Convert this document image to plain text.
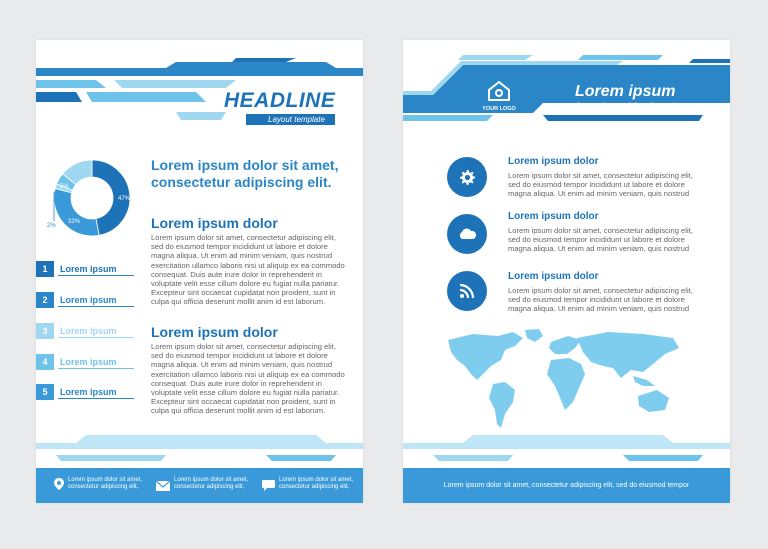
HEADLINE
Layout template
14%
5%
47%
32%
2%
Lorem ipsum dolor sit amet, consectetur adipiscing elit.
Lorem ipsum dolor
Lorem ipsum dolor sit amet, consectetur adipiscing elit,
sed do eiusmod tempor incididunt ut labore et dolore
magna aliqua. Ut enim ad minim veniam, quis nostrud
exercitation ullamco laboris nisi ut aliquip ex ea commodo
consequat. Duis aute irure dolor in reprehenderit in
voluptate velit esse cillum dolore eu fugiat nulla pariatur.
Excepteur sint occaecat cupidatat non proident, sunt in
culpa qui officia deserunt mollit anim id est laborum.
Lorem ipsum dolor
Lorem ipsum dolor sit amet, consectetur adipiscing elit,
sed do eiusmod tempor incididunt ut labore et dolore
magna aliqua. Ut enim ad minim veniam, quis nostrud
exercitation ullamco laboris nisi ut aliquip ex ea commodo
consequat. Duis aute irure dolor in reprehenderit in
voluptate velit esse cillum dolore eu fugiat nulla pariatur.
Excepteur sint occaecat cupidatat non proident, sunt in
culpa qui officia deserunt mollit anim id est laborum.
1	Lorem ipsum
2	Lorem ipsum
3	Lorem ipsum
4	Lorem ipsum
5	Lorem ipsum
Lorem ipsum dolor sit amet,
consectetur adipiscing elit,
Lorem ipsum dolor sit amet,
consectetur adipiscing elit,
Lorem ipsum dolor sit amet,
consectetur adipiscing elit,
YOUR LOGO
Lorem ipsum
Lorem ipsum dolor sit amet
Lorem ipsum dolor
Lorem ipsum dolor sit amet, consectetur adipiscing elit,
sed do eiusmod tempor incididunt ut labore et dolore
magna aliqua. Ut enim ad minim veniam, quis nostrud
Lorem ipsum dolor
Lorem ipsum dolor sit amet, consectetur adipiscing elit,
sed do eiusmod tempor incididunt ut labore et dolore
magna aliqua. Ut enim ad minim veniam, quis nostrud
Lorem ipsum dolor
Lorem ipsum dolor sit amet, consectetur adipiscing elit,
sed do eiusmod tempor incididunt ut labore et dolore
magna aliqua. Ut enim ad minim veniam, quis nostrud
Lorem ipsum dolor sit amet, consectetur adipiscing elit, sed do eiusmod tempor
